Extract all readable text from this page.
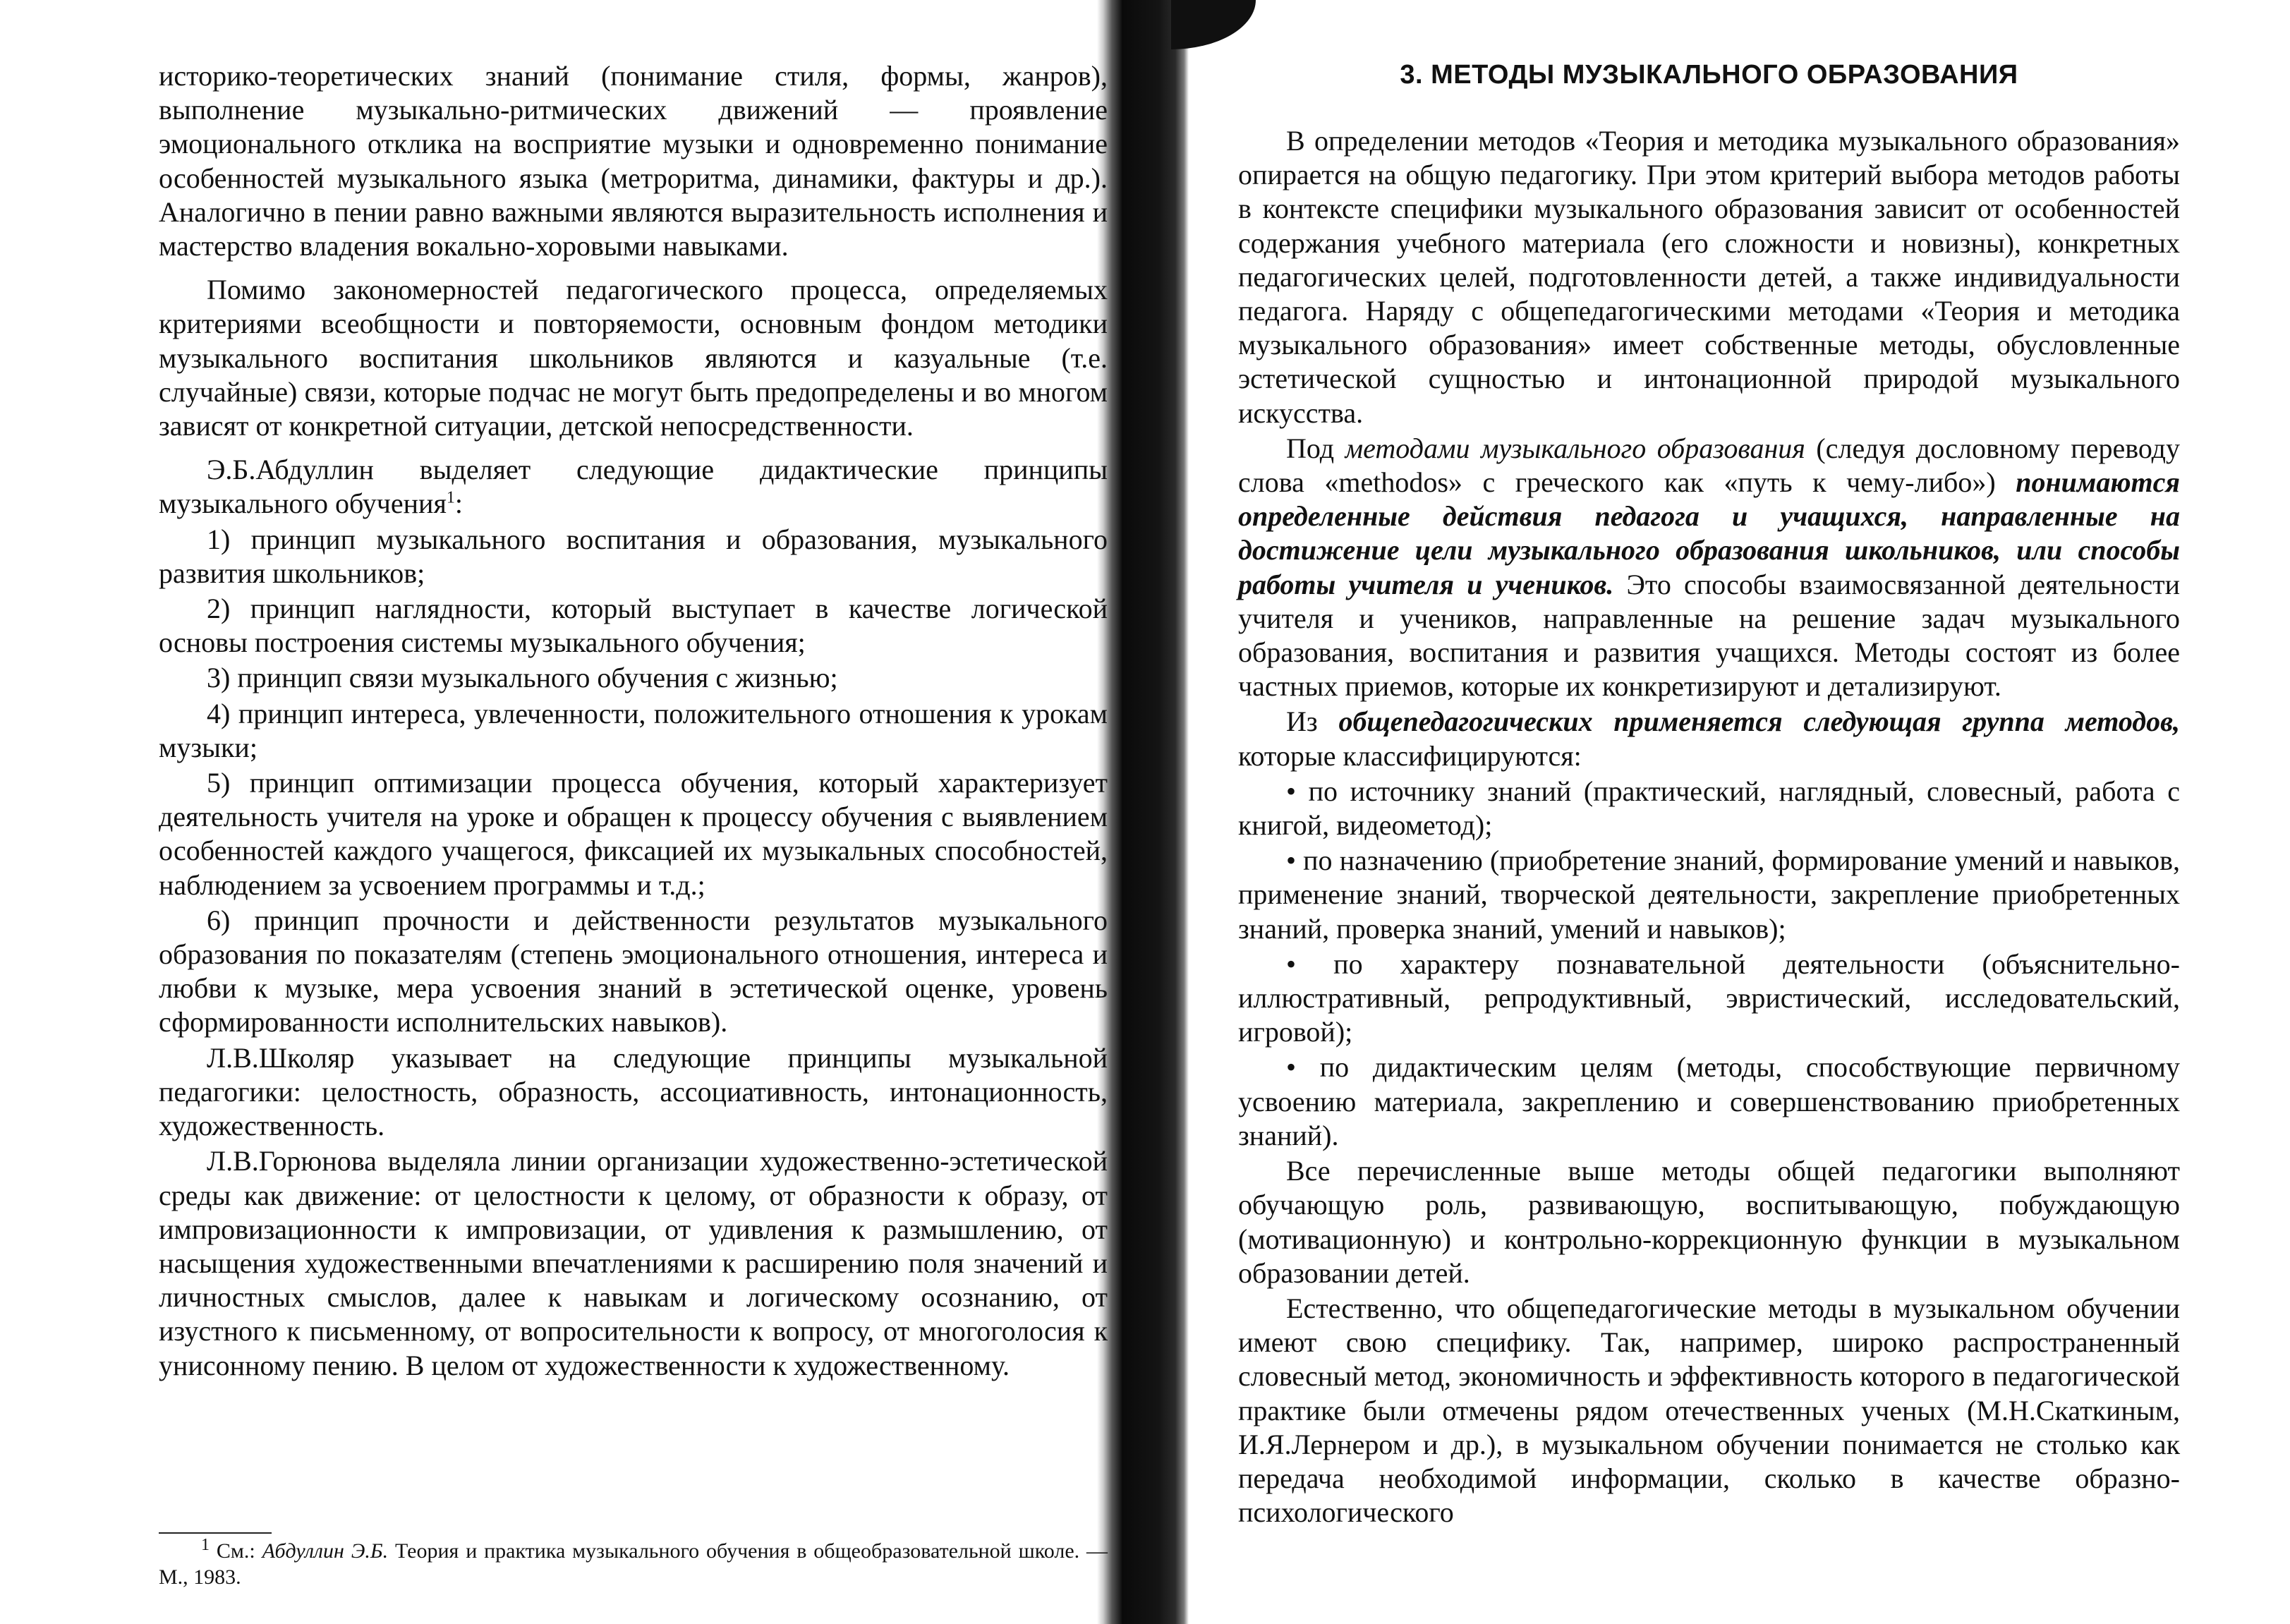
историко-теоретических знаний (понимание стиля, формы, жанров), выполнение музыкально-ритмических движений — проявление эмоционального отклика на восприятие музыки и одновременно понимание особенностей музыкального языка (метроритма, динамики, фактуры и др.). Аналогично в пении равно важными являются выразительность исполнения и мастерство владения вокально-хоровыми навыками.

Помимо закономерностей педагогического процесса, определяемых критериями всеобщности и повторяемости, основным фондом методики музыкального воспитания школьников являются и казуальные (т.е. случайные) связи, которые подчас не могут быть предопределены и во многом зависят от конкретной ситуации, детской непосредственности.

Э.Б.Абдуллин выделяет следующие дидактические принципы музыкального обучения$^1$:

1) принцип музыкального воспитания и образования, музыкального развития школьников;

2) принцип наглядности, который выступает в качестве логической основы построения системы музыкального обучения;

3) принцип связи музыкального обучения с жизнью;

4) принцип интереса, увлеченности, положительного отношения к урокам музыки;

5) принцип оптимизации процесса обучения, который характеризует деятельность учителя на уроке и обращен к процессу обучения с выявлением особенностей каждого учащегося, фиксацией их музыкальных способностей, наблюдением за усвоением программы и т.д.;

6) принцип прочности и действенности результатов музыкального образования по показателям (степень эмоционального отношения, интереса и любви к музыке, мера усвоения знаний в эстетической оценке, уровень сформированности исполнительских навыков).

Л.В.Школяр указывает на следующие принципы музыкальной педагогики: целостность, образность, ассоциативность, интонационность, художественность.

Л.В.Горюнова выделяла линии организации художественно-эстетической среды как движение: от целостности к целому, от образности к образу, от импровизационности к импровизации, от удивления к размышлению, от насыщения художественными впечатлениями к расширению поля значений и личностных смыслов, далее к навыкам и логическому осознанию, от изустного к письменному, от вопросительности к вопросу, от многоголосия к унисонному пению. В целом от художественности к художественному.

$^1$ См.: Абдуллин Э.Б. Теория и практика музыкального обучения в общеобразовательной школе. — М., 1983.
3. МЕТОДЫ МУЗЫКАЛЬНОГО ОБРАЗОВАНИЯ

В определении методов «Теория и методика музыкального образования» опирается на общую педагогику. При этом критерий выбора методов работы в контексте специфики музыкального образования зависит от особенностей содержания учебного материала (его сложности и новизны), конкретных педагогических целей, подготовленности детей, а также индивидуальности педагога. Наряду с общепедагогическими методами «Теория и методика музыкального образования» имеет собственные методы, обусловленные эстетической сущностью и интонационной природой музыкального искусства.

Под методами музыкального образования (следуя дословному переводу слова «methodos» с греческого как «путь к чему-либо») понимаются определенные действия педагога и учащихся, направленные на достижение цели музыкального образования школьников, или способы работы учителя и учеников. Это способы взаимосвязанной деятельности учителя и учеников, направленные на решение задач музыкального образования, воспитания и развития учащихся. Методы состоят из более частных приемов, которые их конкретизируют и детализируют.

Из общепедагогических применяется следующая группа методов, которые классифицируются:

• по источнику знаний (практический, наглядный, словесный, работа с книгой, видеометод);

• по назначению (приобретение знаний, формирование умений и навыков, применение знаний, творческой деятельности, закрепление приобретенных знаний, проверка знаний, умений и навыков);

• по характеру познавательной деятельности (объяснительно-иллюстративный, репродуктивный, эвристический, исследовательский, игровой);

• по дидактическим целям (методы, способствующие первичному усвоению материала, закреплению и совершенствованию приобретенных знаний).

Все перечисленные выше методы общей педагогики выполняют обучающую роль, развивающую, воспитывающую, побуждающую (мотивационную) и контрольно-коррекционную функции в музыкальном образовании детей.

Естественно, что общепедагогические методы в музыкальном обучении имеют свою специфику. Так, например, широко распространенный словесный метод, экономичность и эффективность которого в педагогической практике были отмечены рядом отечественных ученых (М.Н.Скаткиным, И.Я.Лернером и др.), в музыкальном обучении понимается не столько как передача необходимой информации, сколько в качестве образно-психологического
